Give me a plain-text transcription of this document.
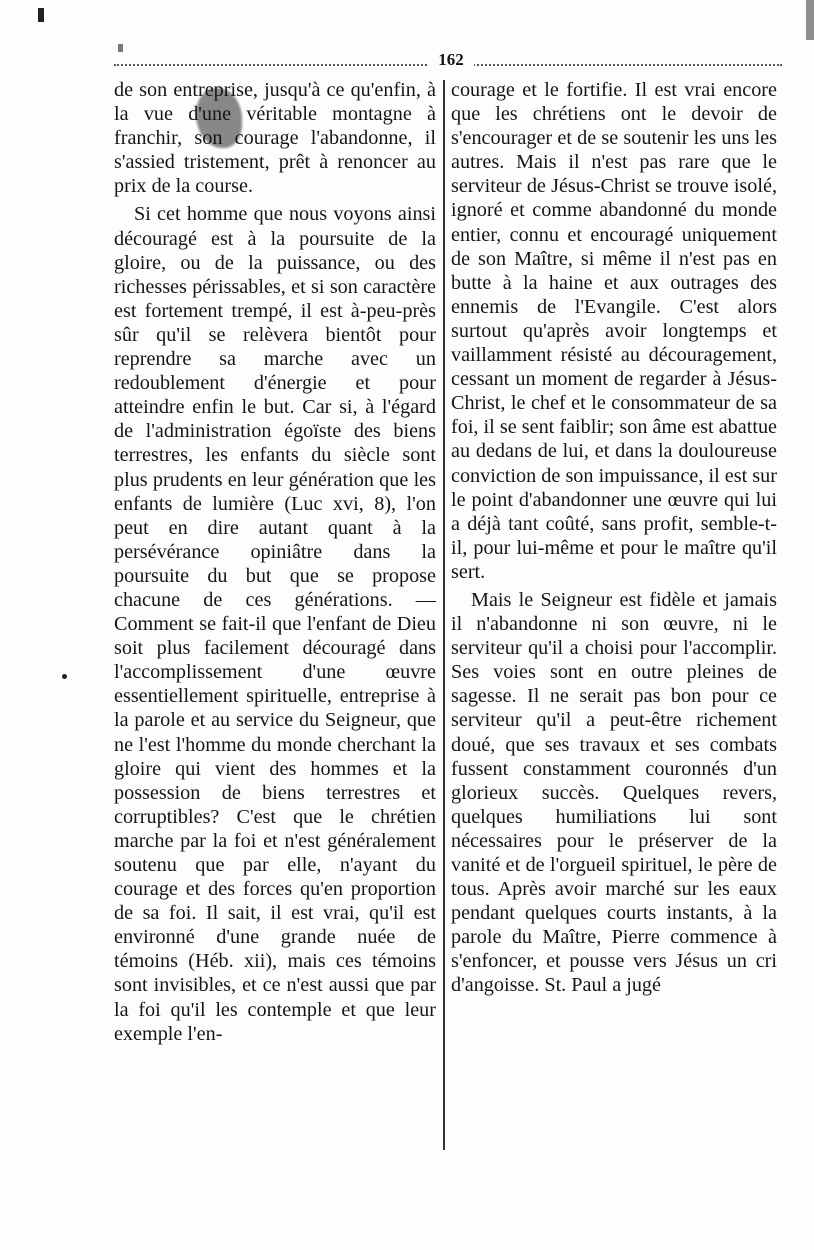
162

de son entreprise, jusqu'à ce qu'enfin, à la vue d'une véritable montagne à franchir, son courage l'abandonne, il s'assied tristement, prêt à renoncer au prix de la course.

Si cet homme que nous voyons ainsi découragé est à la poursuite de la gloire, ou de la puissance, ou des richesses périssables, et si son caractère est fortement trempé, il est à-peu-près sûr qu'il se relèvera bientôt pour reprendre sa marche avec un redoublement d'énergie et pour atteindre enfin le but. Car si, à l'égard de l'administration égoïste des biens terrestres, les enfants du siècle sont plus prudents en leur génération que les enfants de lumière (Luc xvi, 8), l'on peut en dire autant quant à la persévérance opiniâtre dans la poursuite du but que se propose chacune de ces générations. — Comment se fait-il que l'enfant de Dieu soit plus facilement découragé dans l'accomplissement d'une œuvre essentiellement spirituelle, entreprise à la parole et au service du Seigneur, que ne l'est l'homme du monde cherchant la gloire qui vient des hommes et la possession de biens terrestres et corruptibles? C'est que le chrétien marche par la foi et n'est généralement soutenu que par elle, n'ayant du courage et des forces qu'en proportion de sa foi. Il sait, il est vrai, qu'il est environné d'une grande nuée de témoins (Héb. xii), mais ces témoins sont invisibles, et ce n'est aussi que par la foi qu'il les contemple et que leur exemple l'en-

courage et le fortifie. Il est vrai encore que les chrétiens ont le devoir de s'encourager et de se soutenir les uns les autres. Mais il n'est pas rare que le serviteur de Jésus-Christ se trouve isolé, ignoré et comme abandonné du monde entier, connu et encouragé uniquement de son Maître, si même il n'est pas en butte à la haine et aux outrages des ennemis de l'Evangile. C'est alors surtout qu'après avoir longtemps et vaillamment résisté au découragement, cessant un moment de regarder à Jésus-Christ, le chef et le consommateur de sa foi, il se sent faiblir; son âme est abattue au dedans de lui, et dans la douloureuse conviction de son impuissance, il est sur le point d'abandonner une œuvre qui lui a déjà tant coûté, sans profit, semble-t-il, pour lui-même et pour le maître qu'il sert.

Mais le Seigneur est fidèle et jamais il n'abandonne ni son œuvre, ni le serviteur qu'il a choisi pour l'accomplir. Ses voies sont en outre pleines de sagesse. Il ne serait pas bon pour ce serviteur qu'il a peut-être richement doué, que ses travaux et ses combats fussent constamment couronnés d'un glorieux succès. Quelques revers, quelques humiliations lui sont nécessaires pour le préserver de la vanité et de l'orgueil spirituel, le père de tous. Après avoir marché sur les eaux pendant quelques courts instants, à la parole du Maître, Pierre commence à s'enfoncer, et pousse vers Jésus un cri d'angoisse. St. Paul a jugé
